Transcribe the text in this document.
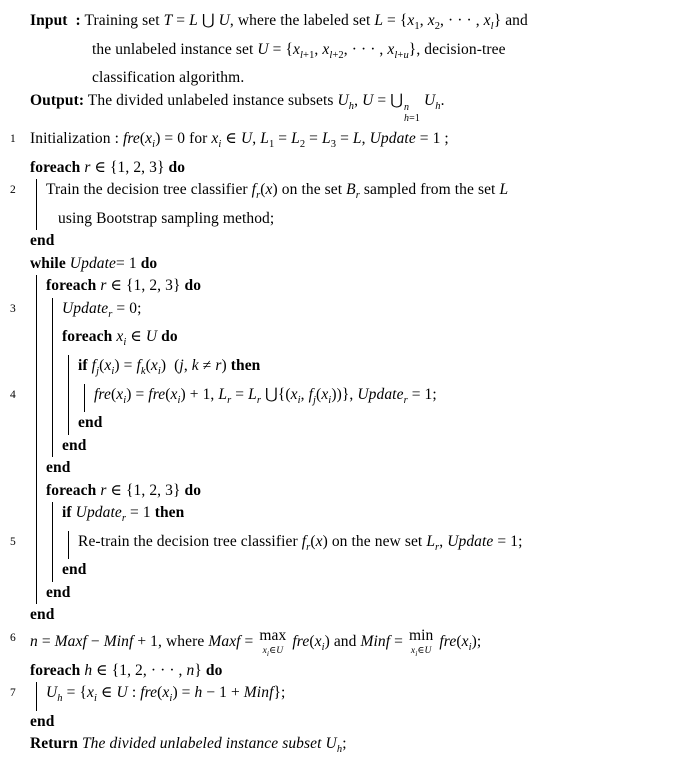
Input  : Training set T = L ⋃ U, where the labeled set $L = \{x_1$, $x_2$, · · · , $x_l$} and
the unlabeled instance set $U = \{x_{l+1}$, $x_{l+2}$, · · · , $x_{l+u}$}, decision-tree
classification algorithm.
Output: The divided unlabeled instance subsets $U_h$, U = ⋃ n
h=1
$U_h$.
1 Initialization : $fre(x_i) = 0$ for $x_i$ ∈ U, $L_1 = L_2 = L_3 = L$, Update = 1 ;
foreach r ∈ {1, 2, 3} do
2	Train the decision tree classifier $f_r(x)$ on the set $B_r$ sampled from the set L
using Bootstrap sampling method;
end
while Update= 1 do
foreach r ∈ {1, 2, 3} do
3	Update$_r$ = 0;
foreach $x_i$ ∈ U do
if $f_j(x_i) = f_k(x_i)$  (j, k ≠ r) then
4	$fre(x_i) = fre(x_i) + 1$, $L_r = L_r$ $⋃\{(x_i$, $f_j(x_i)$)}, Update$_r$ = 1;
end
end
end
foreach r ∈ {1, 2, 3} do
if Update$_r$ = 1 then
5	Re-train the decision tree classifier $f_r(x)$ on the new set $L_r$, Update = 1;
end
end
end
6 n = Maxf − Minf + 1, where Maxf = max
$x_i\in U$
$fre(x_i)$ and Minf = min
$x_i\in U$
$fre(x_i)$;
foreach h ∈ {1, 2, · · · , n} do
7	$U_h = \{x_i$ ∈ U : $fre(x_i) = h - 1$ + Minf};
end
Return The divided unlabeled instance subset $U_h$;
